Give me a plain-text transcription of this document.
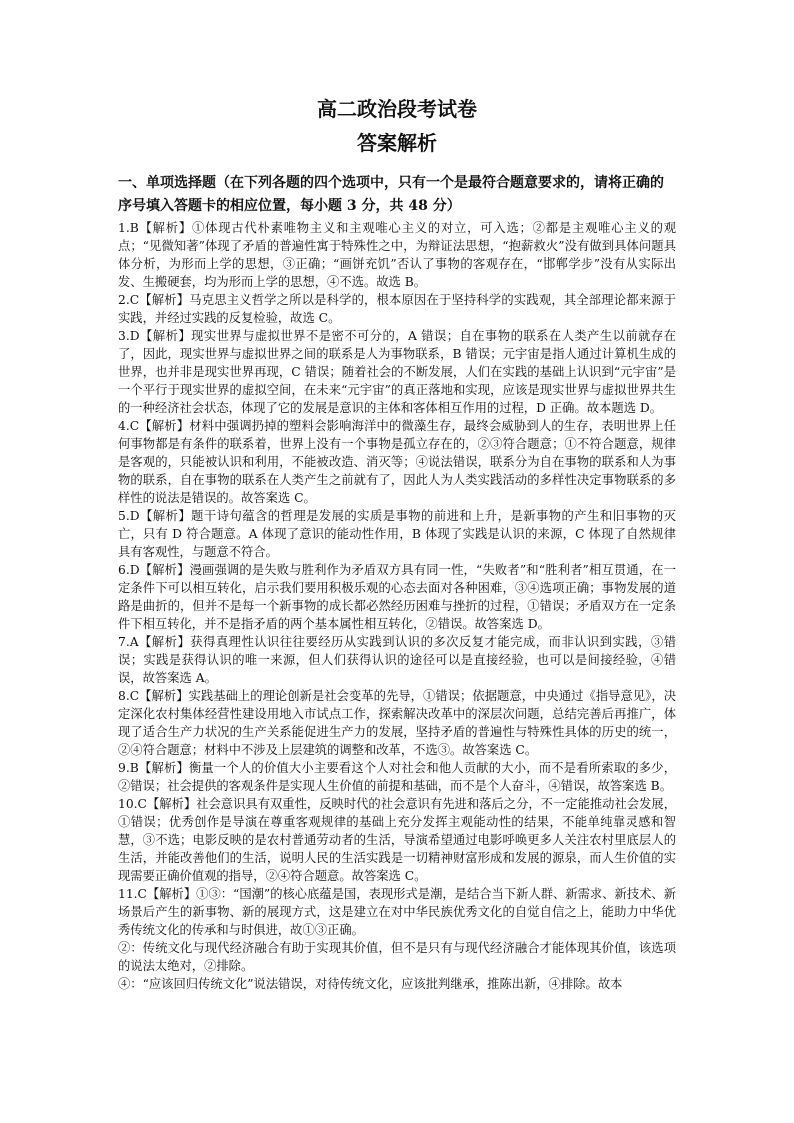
高二政治段考试卷
答案解析

一、单项选择题（在下列各题的四个选项中，只有一个是最符合题意要求的，请将正确的序号填入答题卡的相应位置，每小题 3 分，共 48 分）

1.B【解析】①体现古代朴素唯物主义和主观唯心主义的对立，可入选；②都是主观唯心主义的观点；“见微知著”体现了矛盾的普遍性寓于特殊性之中，为辩证法思想，“抱薪救火”没有做到具体问题具体分析，为形而上学的思想，③正确；“画饼充饥”否认了事物的客观存在，“邯郸学步”没有从实际出发、生搬硬套，均为形而上学的思想，④不选。故选 B。

2.C【解析】马克思主义哲学之所以是科学的，根本原因在于坚持科学的实践观，其全部理论都来源于实践，并经过实践的反复检验，故选 C。

3.D【解析】现实世界与虚拟世界不是密不可分的，A 错误；自在事物的联系在人类产生以前就存在了，因此，现实世界与虚拟世界之间的联系是人为事物联系，B 错误；元宇宙是指人通过计算机生成的世界，也并非是现实世界再现，C 错误；随着社会的不断发展，人们在实践的基础上认识到“元宇宙”是一个平行于现实世界的虚拟空间，在未来“元宇宙”的真正落地和实现，应该是现实世界与虚拟世界共生的一种经济社会状态，体现了它的发展是意识的主体和客体相互作用的过程，D 正确。故本题选 D。

4.C【解析】材料中强调扔掉的塑料会影响海洋中的微藻生存，最终会威胁到人的生存，表明世界上任何事物都是有条件的联系着，世界上没有一个事物是孤立存在的，②③符合题意；①不符合题意，规律是客观的，只能被认识和利用，不能被改造、消灭等；④说法错误，联系分为自在事物的联系和人为事物的联系，自在事物的联系在人类产生之前就有了，因此人为人类实践活动的多样性决定事物联系的多样性的说法是错误的。故答案选 C。

5.D【解析】题干诗句蕴含的哲理是发展的实质是事物的前进和上升，是新事物的产生和旧事物的灭亡，只有 D 符合题意。A 体现了意识的能动性作用，B 体现了实践是认识的来源，C 体现了自然规律具有客观性，与题意不符合。

6.D【解析】漫画强调的是失败与胜利作为矛盾双方具有同一性，“失败者”和“胜利者”相互贯通，在一定条件下可以相互转化，启示我们要用积极乐观的心态去面对各种困难，③④选项正确；事物发展的道路是曲折的，但并不是每一个新事物的成长都必然经历困难与挫折的过程，①错误；矛盾双方在一定条件下相互转化，并不是指矛盾的两个基本属性相互转化，②错误。故答案选 D。

7.A【解析】获得真理性认识往往要经历从实践到认识的多次反复才能完成，而非认识到实践，③错误；实践是获得认识的唯一来源，但人们获得认识的途径可以是直接经验，也可以是间接经验，④错误，故答案选 A。

8.C【解析】实践基础上的理论创新是社会变革的先导，①错误；依据题意，中央通过《指导意见》，决定深化农村集体经营性建设用地入市试点工作，探索解决改革中的深层次问题，总结完善后再推广，体现了适合生产力状况的生产关系能促进生产力的发展，坚持矛盾的普遍性与特殊性具体的历史的统一，②④符合题意；材料中不涉及上层建筑的调整和改革，不选③。故答案选 C。

9.B【解析】衡量一个人的价值大小主要看这个人对社会和他人贡献的大小，而不是看所索取的多少，②错误；社会提供的客观条件是实现人生价值的前提和基础，而不是个人奋斗，④错误，故答案选 B。

10.C【解析】社会意识具有双重性，反映时代的社会意识有先进和落后之分，不一定能推动社会发展，①错误；优秀创作是导演在尊重客观规律的基础上充分发挥主观能动性的结果，不能单纯靠灵感和智慧，③不选；电影反映的是农村普通劳动者的生活，导演希望通过电影呼唤更多人关注农村里底层人的生活，并能改善他们的生活，说明人民的生活实践是一切精神财富形成和发展的源泉，而人生价值的实现需要正确价值观的指导，②④符合题意。故答案选 C。

11.C【解析】①③：“国潮”的核心底蕴是国，表现形式是潮，是结合当下新人群、新需求、新技术、新场景后产生的新事物、新的展现方式，这是建立在对中华民族优秀文化的自觉自信之上，能助力中华优秀传统文化的传承和与时俱进，故①③正确。

②：传统文化与现代经济融合有助于实现其价值，但不是只有与现代经济融合才能体现其价值，该选项的说法太绝对，②排除。

④：“应该回归传统文化”说法错误，对待传统文化，应该批判继承，推陈出新，④排除。故本
